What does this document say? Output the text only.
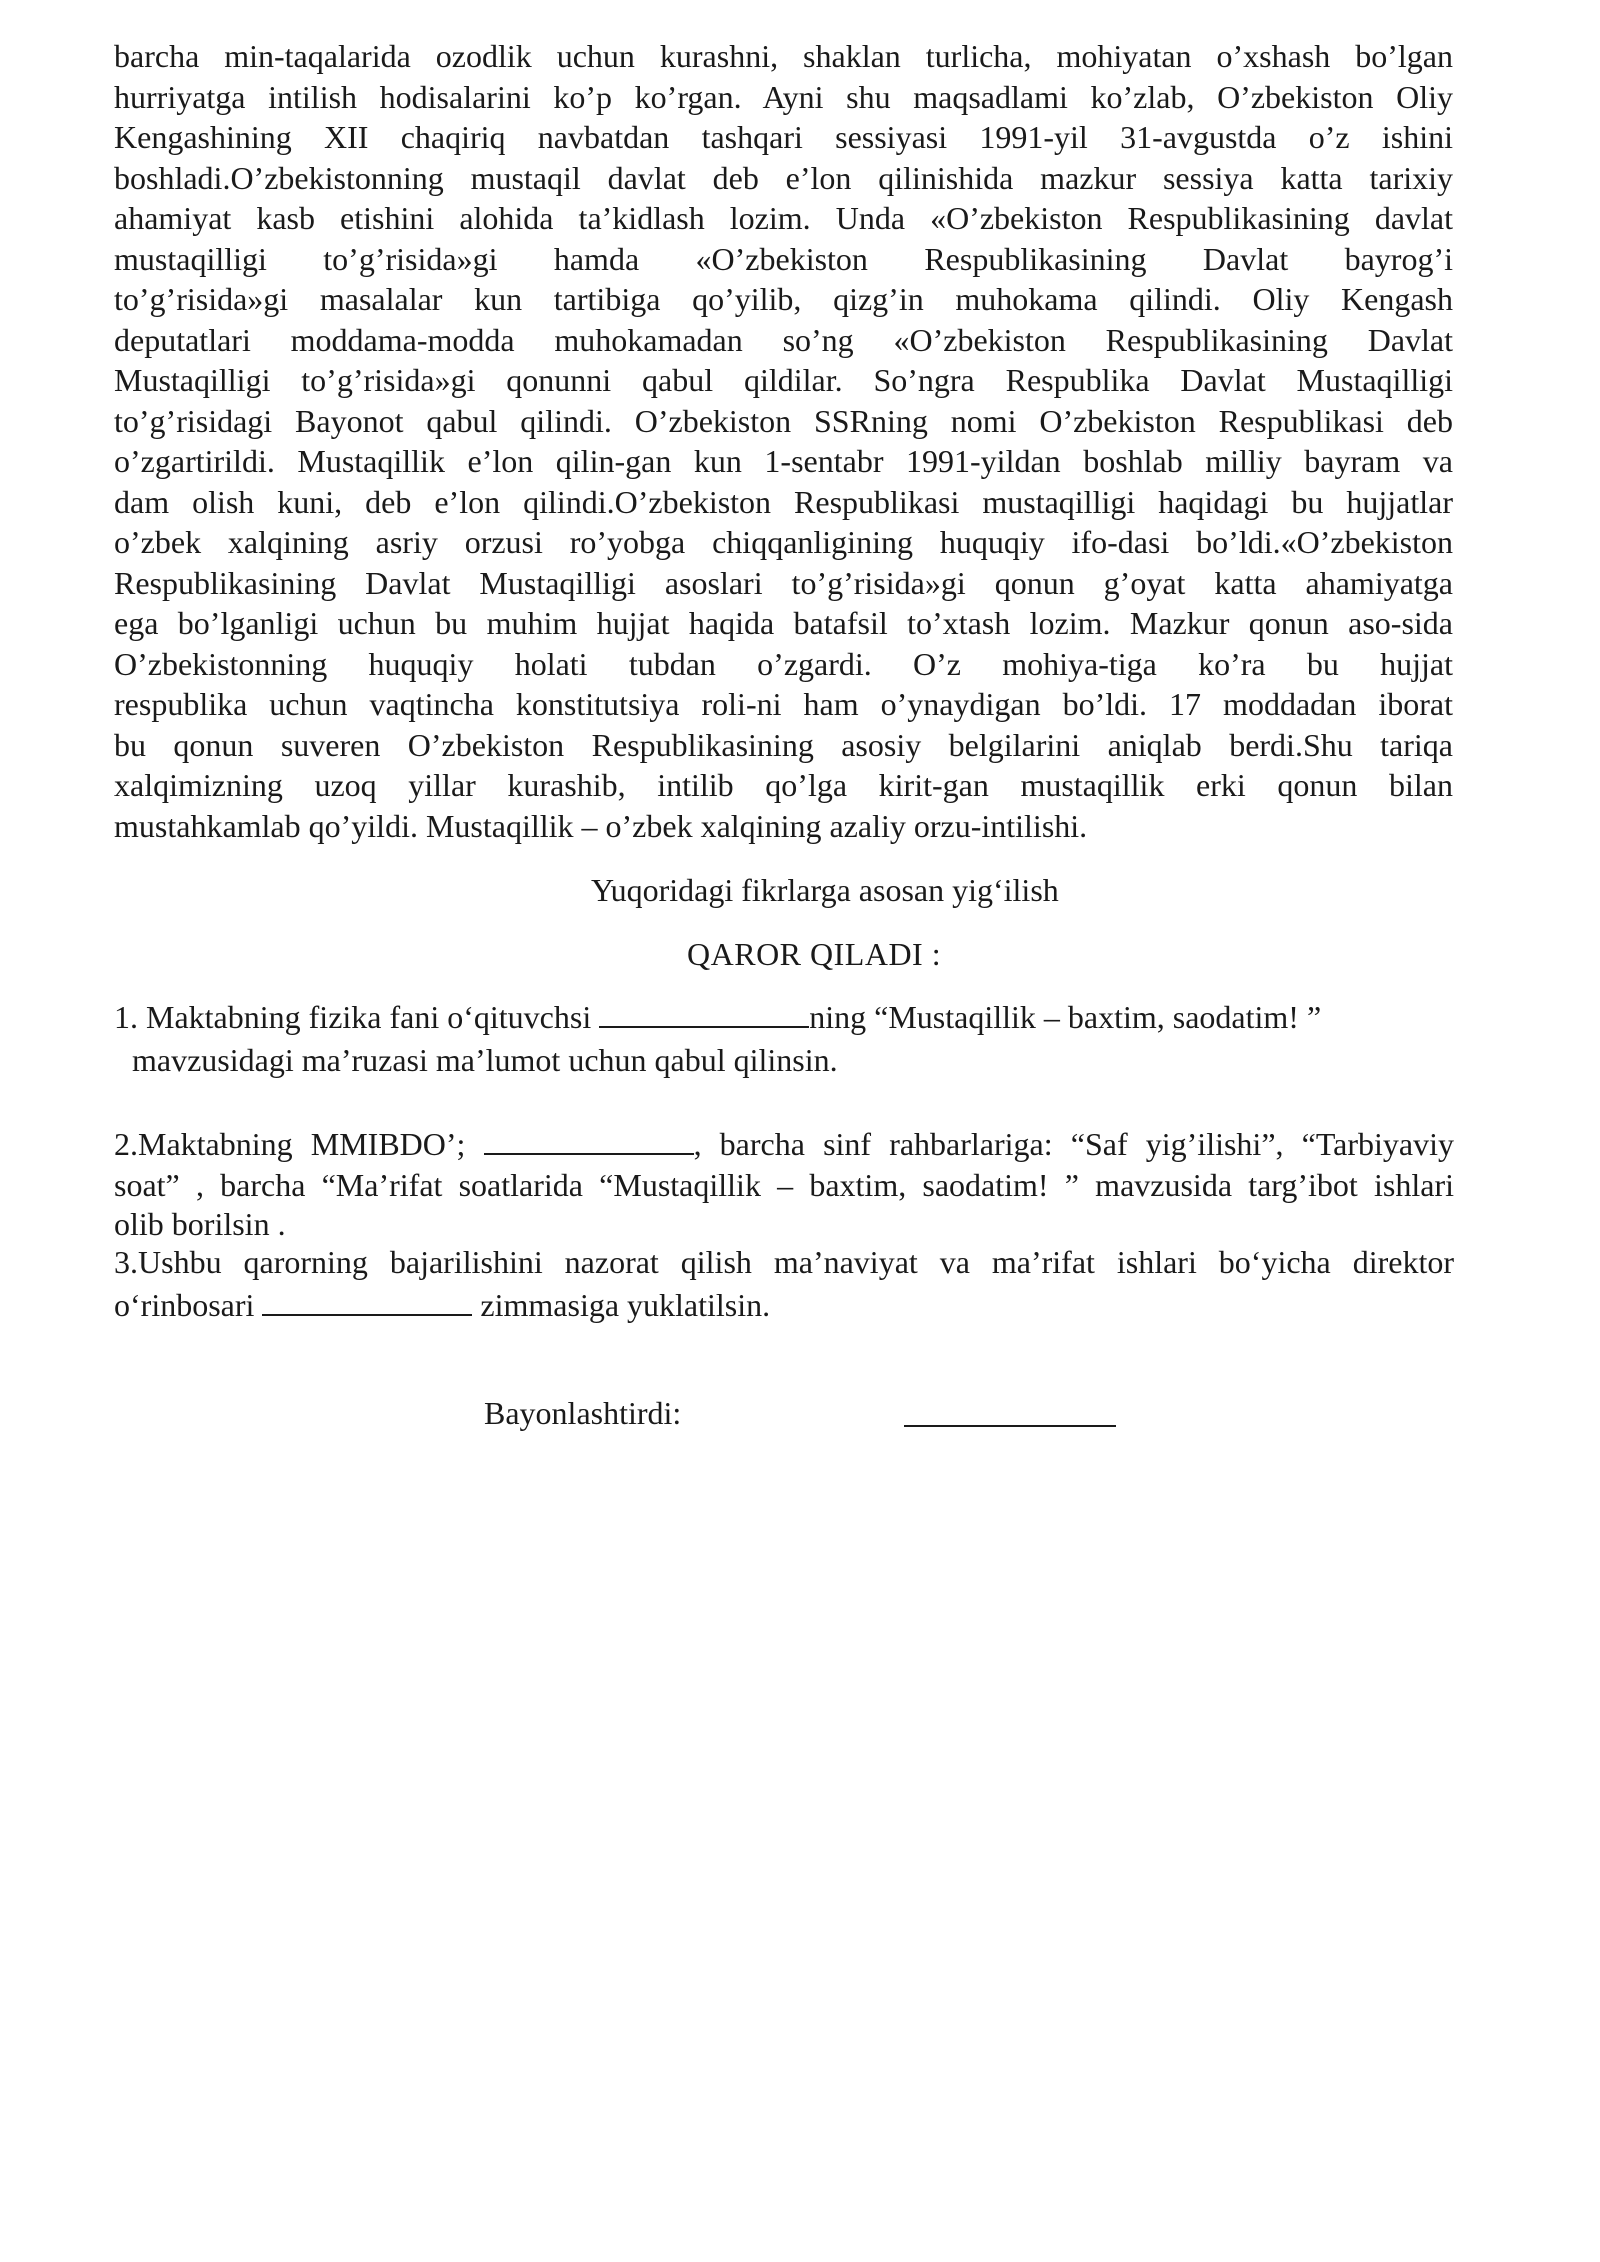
barcha min-taqalarida ozodlik uchun kurashni, shaklan turlicha, mohiyatan o’xshash bo’lgan
hurriyatga intilish hodisalarini ko’p ko’rgan. Ayni shu maqsadlami ko’zlab, O’zbekiston Oliy
Kengashining XII chaqiriq navbatdan tashqari sessiyasi 1991-yil 31-avgustda o’z ishini
boshladi.O’zbekistonning mustaqil davlat deb e’lon qilinishida mazkur sessiya katta tarixiy
ahamiyat kasb etishini alohida ta’kidlash lozim. Unda «O’zbekiston Respublikasining davlat
mustaqilligi to’g’risida»gi hamda «O’zbekiston Respublikasining Davlat bayrog’i
to’g’risida»gi masalalar kun tartibiga qo’yilib, qizg’in muhokama qilindi. Oliy Kengash
deputatlari moddama-modda muhokamadan so’ng «O’zbekiston Respublikasining Davlat
Mustaqilligi to’g’risida»gi qonunni qabul qildilar. So’ngra Respublika Davlat Mustaqilligi
to’g’risidagi Bayonot qabul qilindi. O’zbekiston SSRning nomi O’zbekiston Respublikasi deb
o’zgartirildi. Mustaqillik e’lon qilin-gan kun 1-sentabr 1991-yildan boshlab milliy bayram va
dam olish kuni, deb e’lon qilindi.O’zbekiston Respublikasi mustaqilligi haqidagi bu hujjatlar
o’zbek xalqining asriy orzusi ro’yobga chiqqanligining huquqiy ifo-dasi bo’ldi.«O’zbekiston
Respublikasining Davlat Mustaqilligi asoslari to’g’risida»gi qonun g’oyat katta ahamiyatga
ega bo’lganligi uchun bu muhim hujjat haqida batafsil to’xtash lozim. Mazkur qonun aso-sida
O’zbekistonning huquqiy holati tubdan o’zgardi. O’z mohiya-tiga ko’ra bu hujjat
respublika uchun vaqtincha konstitutsiya roli-ni ham o’ynaydigan bo’ldi. 17 moddadan iborat
bu qonun suveren O’zbekiston Respublikasining asosiy belgilarini aniqlab berdi.Shu tariqa
xalqimizning uzoq yillar kurashib, intilib qo’lga kirit-gan mustaqillik erki qonun bilan
mustahkamlab qo’yildi. Mustaqillik – o’zbek xalqining azaliy orzu-intilishi.
Yuqoridagi fikrlarga asosan yig‘ilish
QAROR QILADI :
1. Maktabning fizika fani o‘qituvchsi	ning “Mustaqillik – baxtim, saodatim! ”
mavzusidagi ma’ruzasi ma’lumot uchun qabul qilinsin.
2.Maktabning MMIBDO’;	, barcha sinf rahbarlariga: “Saf yig’ilishi”, “Tarbiyaviy
soat” , barcha “Ma’rifat soatlarida “Mustaqillik – baxtim, saodatim! ” mavzusida targ’ibot ishlari
olib borilsin .
3.Ushbu qarorning bajarilishini nazorat qilish ma’naviyat va ma’rifat ishlari bo‘yicha direktor
o‘rinbosari	zimmasiga yuklatilsin.
Bayonlashtirdi:
